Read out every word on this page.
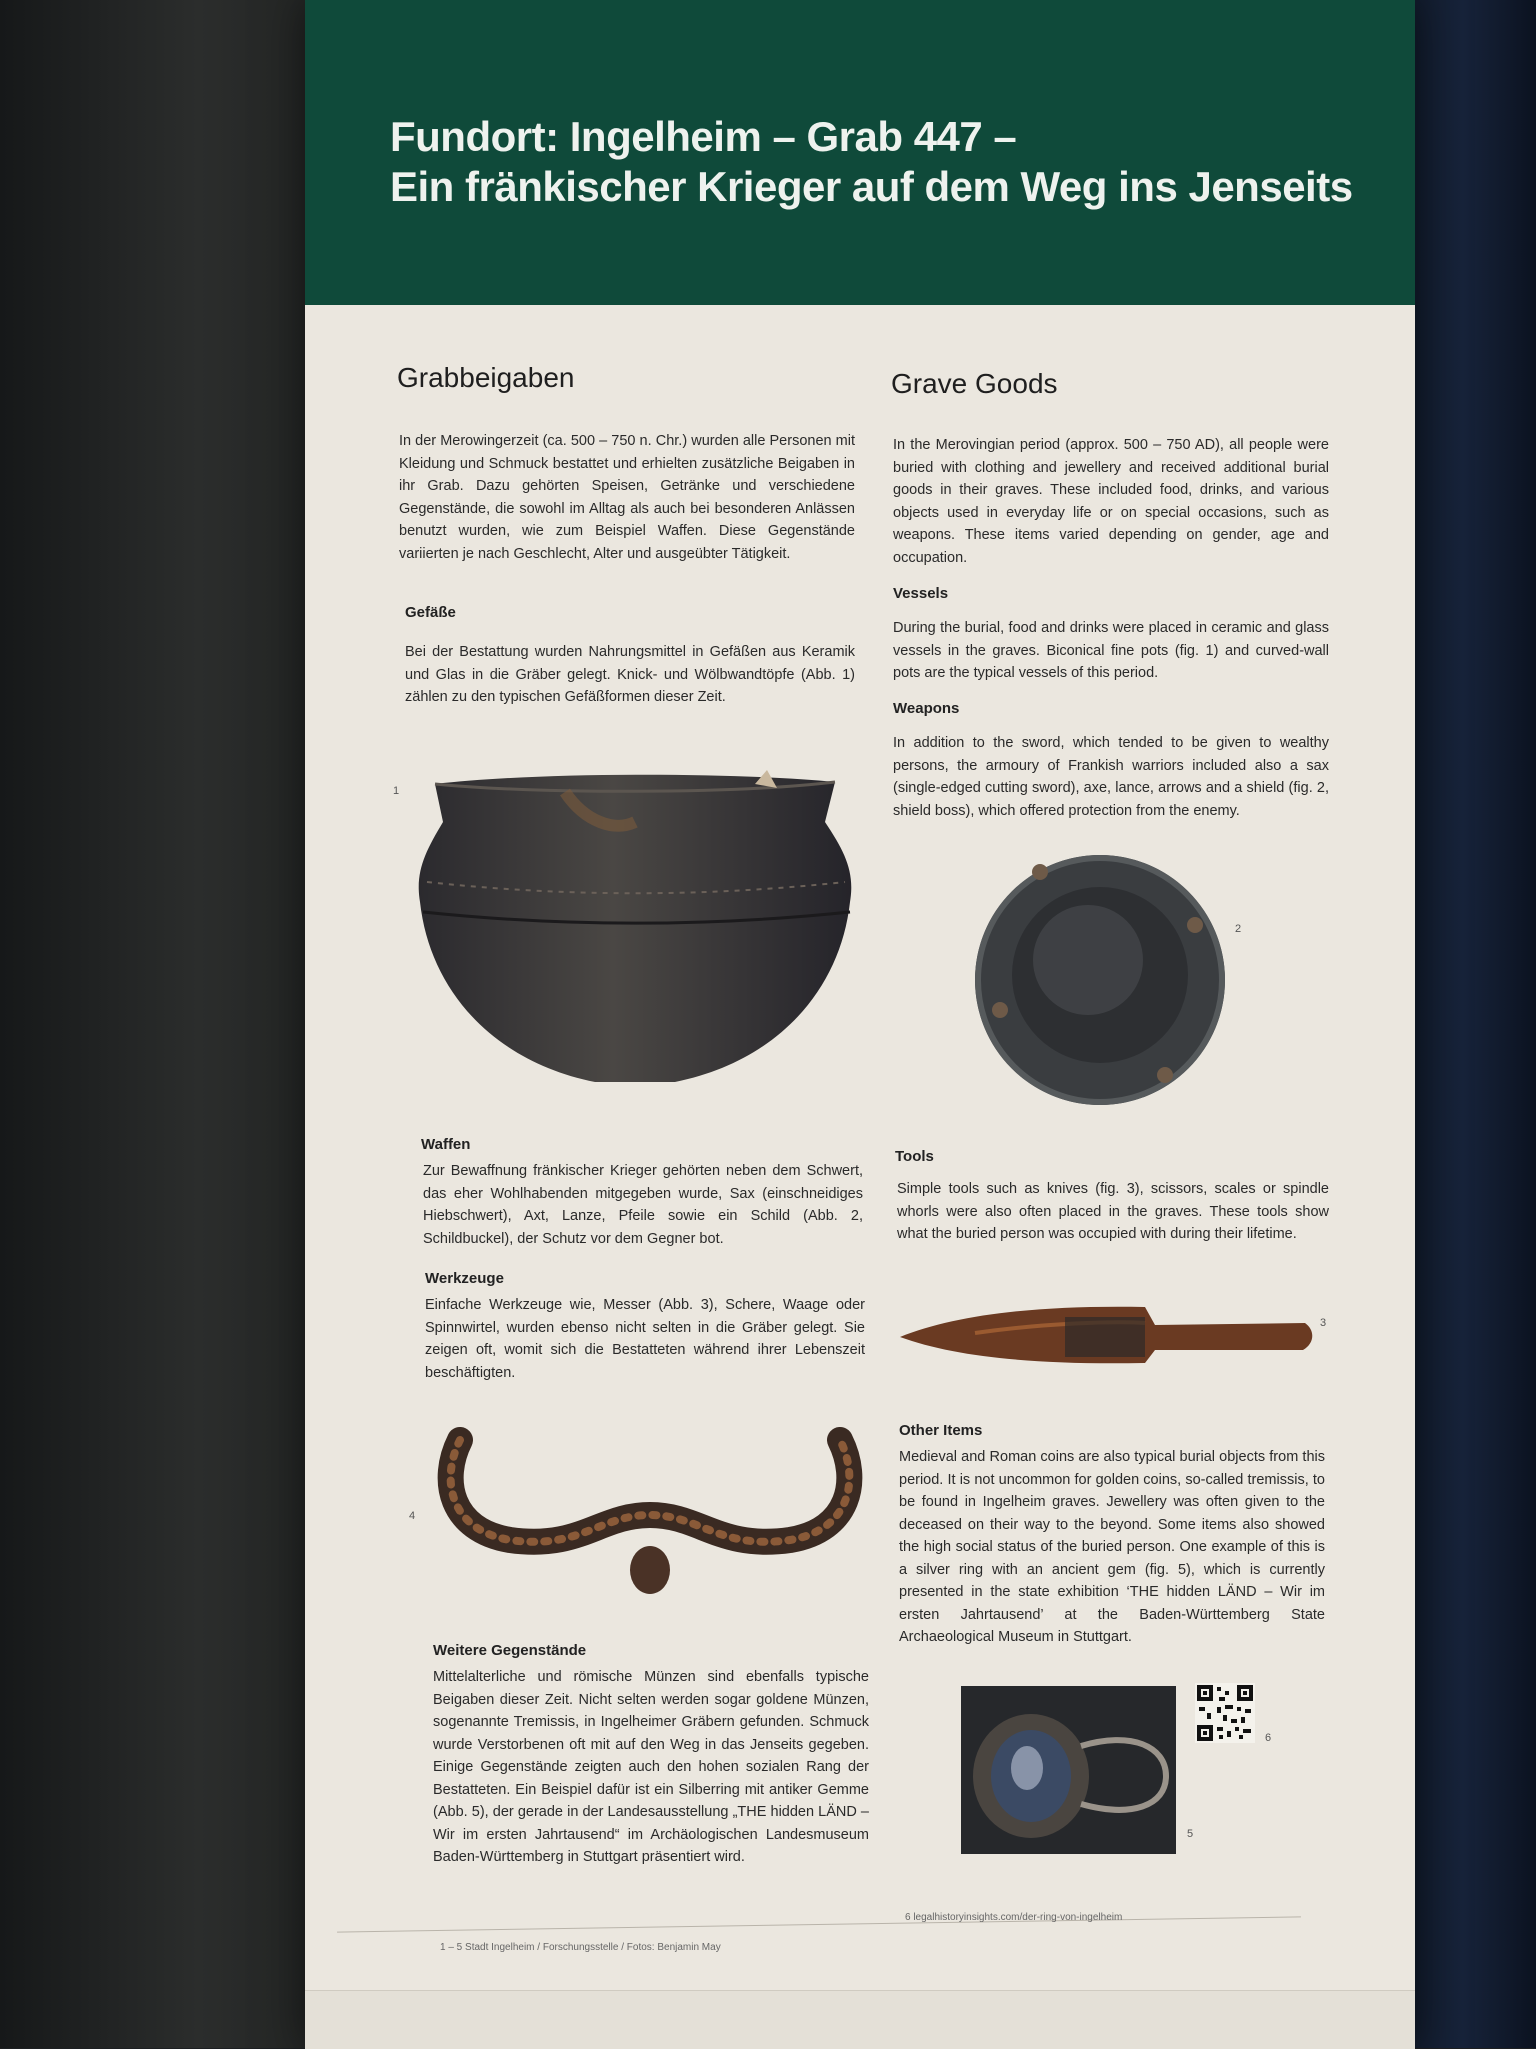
Fundort: Ingelheim – Grab 447 –
Ein fränkischer Krieger auf dem Weg ins Jenseits
Grabbeigaben

In der Merowingerzeit (ca. 500 – 750 n. Chr.) wurden alle Personen mit Kleidung und Schmuck bestattet und erhielten zusätzliche Beigaben in ihr Grab. Dazu gehörten Speisen, Getränke und verschiedene Gegenstände, die sowohl im Alltag als auch bei besonderen Anlässen benutzt wurden, wie zum Beispiel Waffen. Diese Gegenstände variierten je nach Geschlecht, Alter und ausgeübter Tätigkeit.

Gefäße

Bei der Bestattung wurden Nahrungsmittel in Gefäßen aus Keramik und Glas in die Gräber gelegt. Knick- und Wölbwandtöpfe (Abb. 1) zählen zu den typischen Gefäßformen dieser Zeit.

1
Waffen

Zur Bewaffnung fränkischer Krieger gehörten neben dem Schwert, das eher Wohlhabenden mitgegeben wurde, Sax (einschneidiges Hiebschwert), Axt, Lanze, Pfeile sowie ein Schild (Abb. 2, Schildbuckel), der Schutz vor dem Gegner bot.

Werkzeuge

Einfache Werkzeuge wie, Messer (Abb. 3), Schere, Waage oder Spinnwirtel, wurden ebenso nicht selten in die Gräber gelegt. Sie zeigen oft, womit sich die Bestatteten während ihrer Lebenszeit beschäftigten.

4
Weitere Gegenstände

Mittelalterliche und römische Münzen sind ebenfalls typische Beigaben dieser Zeit. Nicht selten werden sogar goldene Münzen, sogenannte Tremissis, in Ingelheimer Gräbern gefunden. Schmuck wurde Verstorbenen oft mit auf den Weg in das Jenseits gegeben. Einige Gegenstände zeigten auch den hohen sozialen Rang der Bestatteten. Ein Beispiel dafür ist ein Silberring mit antiker Gemme (Abb. 5), der gerade in der Landesausstellung „THE hidden LÄND – Wir im ersten Jahrtausend“ im Archäologischen Landesmuseum Baden-Württemberg in Stuttgart präsentiert wird.

Grave Goods

In the Merovingian period (approx. 500 – 750 AD), all people were buried with clothing and jewellery and received additional burial goods in their graves. These included food, drinks, and various objects used in everyday life or on special occasions, such as weapons. These items varied depending on gender, age and occupation.

Vessels

During the burial, food and drinks were placed in ceramic and glass vessels in the graves. Biconical fine pots (fig. 1) and curved-wall pots are the typical vessels of this period.

Weapons

In addition to the sword, which tended to be given to wealthy persons, the armoury of Frankish warriors included also a sax (single-edged cutting sword), axe, lance, arrows and a shield (fig. 2, shield boss), which offered protection from the enemy.

2
Tools

Simple tools such as knives (fig. 3), scissors, scales or spindle whorls were also often placed in the graves. These tools show what the buried person was occupied with during their lifetime.

3
Other Items

Medieval and Roman coins are also typical burial objects from this period. It is not uncommon for golden coins, so-called tremissis, to be found in Ingelheim graves. Jewellery was often given to the deceased on their way to the beyond. Some items also showed the high social status of the buried person. One example of this is a silver ring with an ancient gem (fig. 5), which is currently presented in the state exhibition ‘THE hidden LÄND – Wir im ersten Jahrtausend’ at the Baden-Württemberg State Archaeological Museum in Stuttgart.

5
6
1 – 5 Stadt Ingelheim / Forschungsstelle / Fotos: Benjamin May
6 legalhistoryinsights.com/der-ring-von-ingelheim
